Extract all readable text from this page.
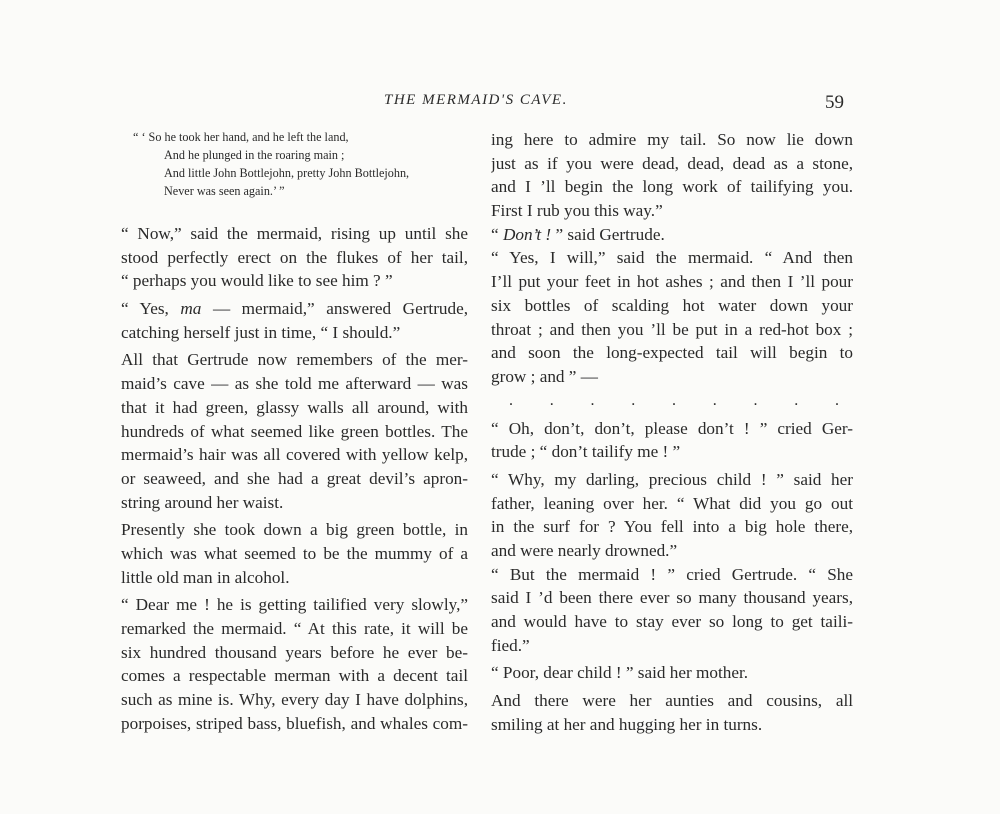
THE MERMAID'S CAVE.	59
“ ‘ So he took her hand, and he left the land,
And he plunged in the roaring main ;
And little John Bottlejohn, pretty John Bottlejohn,
Never was seen again.’ ”
“ Now,” said the mermaid, rising up until she
stood perfectly erect on the flukes of her tail,
“ perhaps you would like to see him ? ”
“ Yes, ma — mermaid,” answered Gertrude,
catching herself just in time, “ I should.”
All that Gertrude now remembers of the mer-
maid’s cave — as she told me afterward — was
that it had green, glassy walls all around, with
hundreds of what seemed like green bottles. The
mermaid’s hair was all covered with yellow kelp,
or seaweed, and she had a great devil’s apron-
string around her waist.
Presently she took down a big green bottle, in
which was what seemed to be the mummy of a
little old man in alcohol.
“ Dear me ! he is getting tailified very slowly,”
remarked the mermaid. “ At this rate, it will be
six hundred thousand years before he ever be-
comes a respectable merman with a decent tail
such as mine is. Why, every day I have dolphins,
porpoises, striped bass, bluefish, and whales com-
ing here to admire my tail. So now lie down
just as if you were dead, dead, dead as a stone,
and I ’ll begin the long work of tailifying you.
First I rub you this way.”
“ Don’t ! ” said Gertrude.
“ Yes, I will,” said the mermaid. “ And then
I’ll put your feet in hot ashes ; and then I ’ll pour
six bottles of scalding hot water down your
throat ; and then you ’ll be put in a red-hot box ;
and soon the long-expected tail will begin to
grow ; and ” —
. . . . . . . . .
“ Oh, don’t, don’t, please don’t ! ” cried Ger-
trude ; “ don’t tailify me ! ”
“ Why, my darling, precious child ! ” said her
father, leaning over her. “ What did you go out
in the surf for ? You fell into a big hole there,
and were nearly drowned.”
“ But the mermaid ! ” cried Gertrude. “ She
said I ’d been there ever so many thousand years,
and would have to stay ever so long to get taili-
fied.”
“ Poor, dear child ! ” said her mother.
And there were her aunties and cousins, all
smiling at her and hugging her in turns.
